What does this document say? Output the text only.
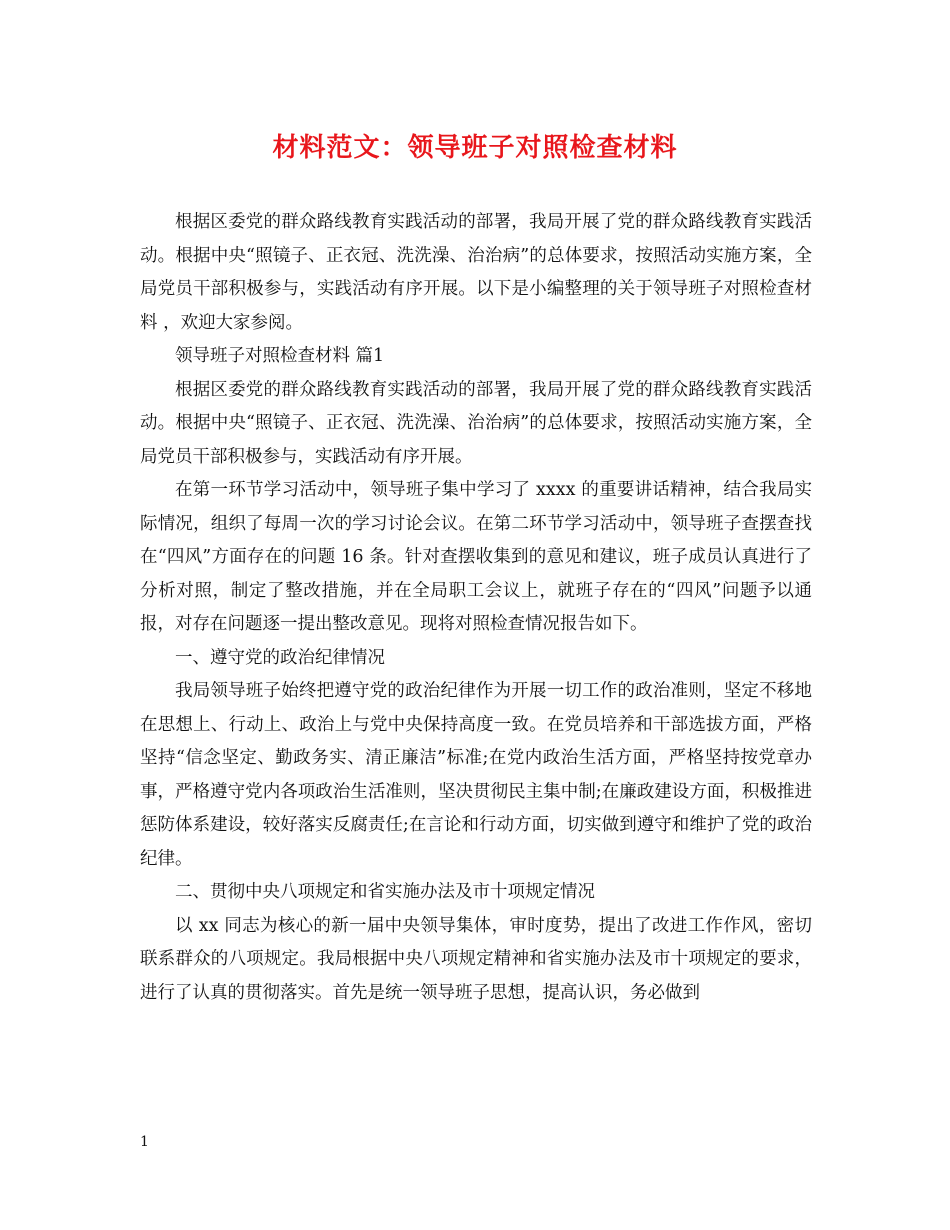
材料范文：领导班子对照检查材料

根据区委党的群众路线教育实践活动的部署，我局开展了党的群众路线教育实践活动。根据中央“照镜子、正衣冠、洗洗澡、治治病”的总体要求，按照活动实施方案，全局党员干部积极参与，实践活动有序开展。以下是小编整理的关于领导班子对照检查材料 ，欢迎大家参阅。

领导班子对照检查材料 篇1

根据区委党的群众路线教育实践活动的部署，我局开展了党的群众路线教育实践活动。根据中央“照镜子、正衣冠、洗洗澡、治治病”的总体要求，按照活动实施方案，全局党员干部积极参与，实践活动有序开展。

在第一环节学习活动中，领导班子集中学习了 xxxx 的重要讲话精神，结合我局实际情况，组织了每周一次的学习讨论会议。在第二环节学习活动中，领导班子查摆查找在“四风”方面存在的问题 16 条。针对查摆收集到的意见和建议，班子成员认真进行了分析对照，制定了整改措施，并在全局职工会议上，就班子存在的“四风”问题予以通报，对存在问题逐一提出整改意见。现将对照检查情况报告如下。

一、遵守党的政治纪律情况

我局领导班子始终把遵守党的政治纪律作为开展一切工作的政治准则，坚定不移地在思想上、行动上、政治上与党中央保持高度一致。在党员培养和干部选拔方面，严格坚持“信念坚定、勤政务实、清正廉洁”标准;在党内政治生活方面，严格坚持按党章办事，严格遵守党内各项政治生活准则，坚决贯彻民主集中制;在廉政建设方面，积极推进惩防体系建设，较好落实反腐责任;在言论和行动方面，切实做到遵守和维护了党的政治纪律。

二、贯彻中央八项规定和省实施办法及市十项规定情况

以 xx 同志为核心的新一届中央领导集体，审时度势，提出了改进工作作风，密切联系群众的八项规定。我局根据中央八项规定精神和省实施办法及市十项规定的要求，进行了认真的贯彻落实。首先是统一领导班子思想，提高认识，务必做到

1
